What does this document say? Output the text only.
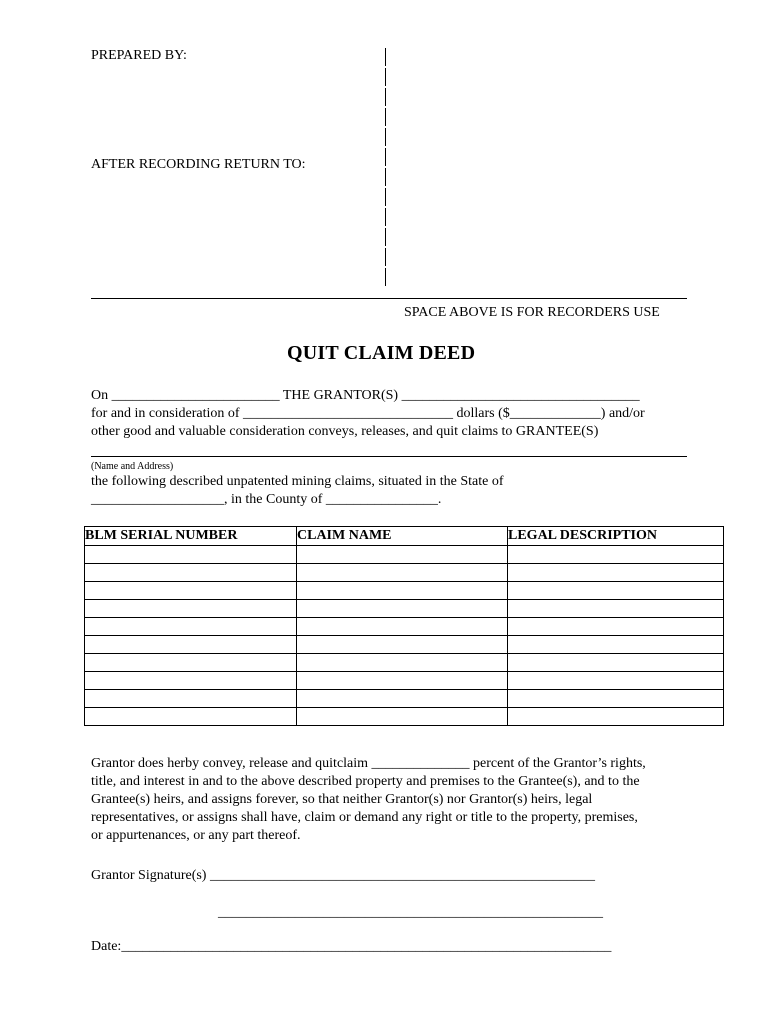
PREPARED BY:
AFTER RECORDING RETURN TO:
SPACE ABOVE IS FOR RECORDERS USE
QUIT CLAIM DEED
On ________________________ THE GRANTOR(S) __________________________________
for and in consideration of ______________________________ dollars ($_____________) and/or
other good and valuable consideration conveys, releases, and quit claims to GRANTEE(S)
(Name and Address)
the following described unpatented mining claims, situated in the State of
___________________, in the County of ________________.
BLM SERIAL NUMBER	CLAIM NAME	LEGAL DESCRIPTION

Grantor does herby convey, release and quitclaim ______________ percent of the Grantor’s rights,
title, and interest in and to the above described property and premises to the Grantee(s), and to the
Grantee(s) heirs, and assigns forever, so that neither Grantor(s) nor Grantor(s) heirs, legal
representatives, or assigns shall have, claim or demand any right or title to the property, premises,
or appurtenances, or any part thereof.
Grantor Signature(s) _______________________________________________________
_______________________________________________________
Date:______________________________________________________________________
